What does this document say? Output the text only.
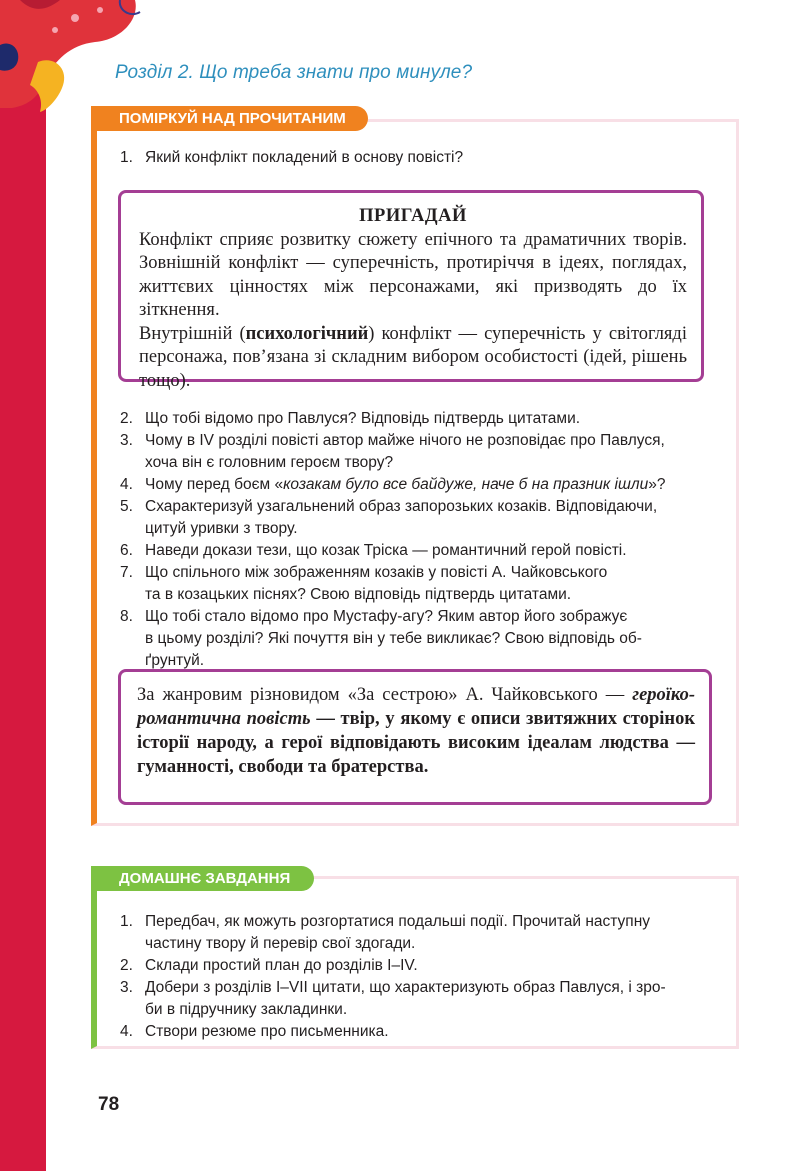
Розділ 2. Що треба знати про минуле?
ПОМІРКУЙ НАД ПРОЧИТАНИМ
1. Який конфлікт покладений в основу повісті?
ПРИГАДАЙ

Конфлікт сприяє розвитку сюжету епічного та драматичних творів. Зовнішній конфлікт — суперечність, протиріччя в ідеях, поглядах, життєвих цінностях між персонажами, які призводять до їх зіткнення.

Внутрішній (психологічний) конфлікт — суперечність у світогляді персонажа, пов’язана зі складним вибором особистості (ідей, рішень тощо).

2. Що тобі відомо про Павлуся? Відповідь підтвердь цитатами.
3. Чому в IV розділі повісті автор майже нічого не розповідає про Павлуся,
хоча він є головним героєм твору?
4. Чому перед боєм «козакам було все байдуже, наче б на празник ішли»?
5. Схарактеризуй узагальнений образ запорозьких козаків. Відповідаючи,
цитуй уривки з твору.
6. Наведи докази тези, що козак Тріска — романтичний герой повісті.
7. Що спільного між зображенням козаків у повісті А. Чайковського
та в козацьких піснях? Свою відповідь підтвердь цитатами.
8. Що тобі стало відомо про Мустафу-агу? Яким автор його зображує
в цьому розділі? Які почуття він у тебе викликає? Свою відповідь об-
ґрунтуй.

За жанровим різновидом «За сестрою» А. Чайковського — героїко-романтична повість — твір, у якому є описи звитяжних сторінок історії народу, а герої відповідають високим ідеалам людства — гуманності, свободи та братерства.

ДОМАШНЄ ЗАВДАННЯ
1. Передбач, як можуть розгортатися подальші події. Прочитай наступну
частину твору й перевір свої здогади.
2. Склади простий план до розділів I–IV.
3. Добери з розділів I–VII цитати, що характеризують образ Павлуся, і зро-
би в підручнику закладинки.
4. Створи резюме про письменника.
78
